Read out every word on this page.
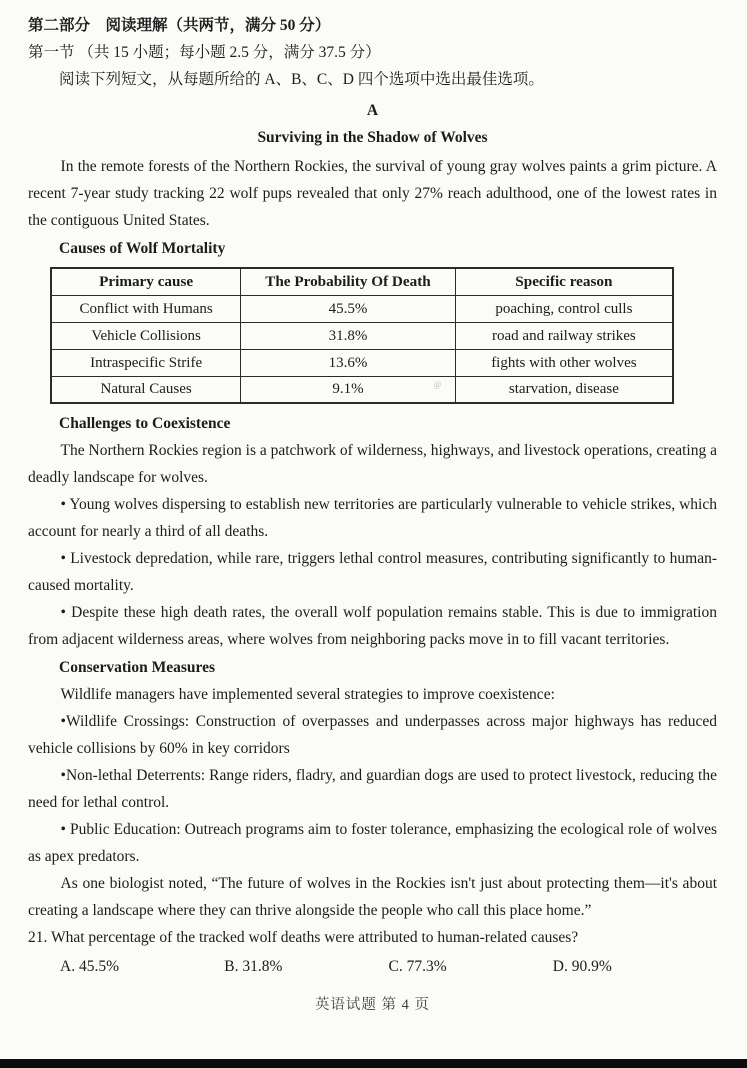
第二部分　阅读理解（共两节，满分 50 分）
第一节 （共 15 小题；每小题 2.5 分，满分 37.5 分）
阅读下列短文，从每题所给的 A、B、C、D 四个选项中选出最佳选项。
A
Surviving in the Shadow of Wolves
In the remote forests of the Northern Rockies, the survival of young gray wolves paints a grim picture. A recent 7-year study tracking 22 wolf pups revealed that only 27% reach adulthood, one of the lowest rates in the contiguous United States.
Causes of Wolf Mortality
Primary cause	The Probability Of Death	Specific reason
Conflict with Humans	45.5%	poaching, control culls
Vehicle Collisions	31.8%	road and railway strikes
Intraspecific Strife	13.6%	fights with other wolves
Natural Causes	9.1%	starvation, disease
Challenges to Coexistence
The Northern Rockies region is a patchwork of wilderness, highways, and livestock operations, creating a deadly landscape for wolves.
• Young wolves dispersing to establish new territories are particularly vulnerable to vehicle strikes, which account for nearly a third of all deaths.
• Livestock depredation, while rare, triggers lethal control measures, contributing significantly to human-caused mortality.
• Despite these high death rates, the overall wolf population remains stable. This is due to immigration from adjacent wilderness areas, where wolves from neighboring packs move in to fill vacant territories.
Conservation Measures
Wildlife managers have implemented several strategies to improve coexistence:
•Wildlife Crossings: Construction of overpasses and underpasses across major highways has reduced vehicle collisions by 60% in key corridors
•Non-lethal Deterrents: Range riders, fladry, and guardian dogs are used to protect livestock, reducing the need for lethal control.
• Public Education: Outreach programs aim to foster tolerance, emphasizing the ecological role of wolves as apex predators.
As one biologist noted, “The future of wolves in the Rockies isn't just about protecting them—it's about creating a landscape where they can thrive alongside the people who call this place home.”
21. What percentage of the tracked wolf deaths were attributed to human-related causes?
A. 45.5%	B. 31.8%	C. 77.3%	D. 90.9%
英语试题 第 4 页
@
